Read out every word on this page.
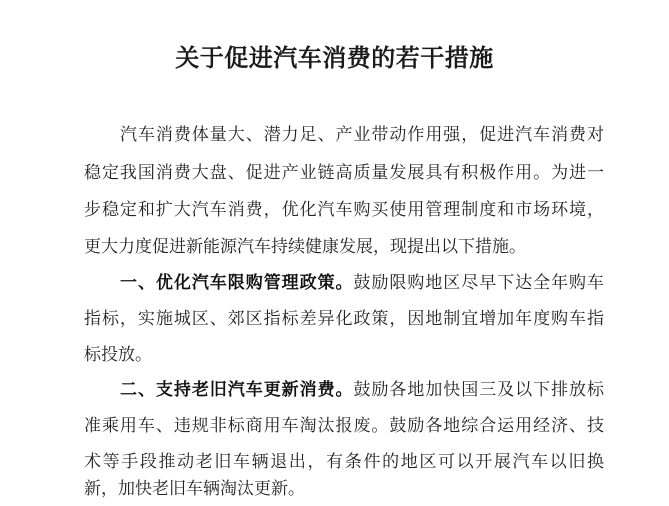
关于促进汽车消费的若干措施
汽车消费体量大、潜力足、产业带动作用强，促进汽车消费对
稳定我国消费大盘、促进产业链高质量发展具有积极作用。为进一
步稳定和扩大汽车消费，优化汽车购买使用管理制度和市场环境，
更大力度促进新能源汽车持续健康发展，现提出以下措施。
一、优化汽车限购管理政策。鼓励限购地区尽早下达全年购车
指标，实施城区、郊区指标差异化政策，因地制宜增加年度购车指
标投放。
二、支持老旧汽车更新消费。鼓励各地加快国三及以下排放标
准乘用车、违规非标商用车淘汰报废。鼓励各地综合运用经济、技
术等手段推动老旧车辆退出，有条件的地区可以开展汽车以旧换
新，加快老旧车辆淘汰更新。
